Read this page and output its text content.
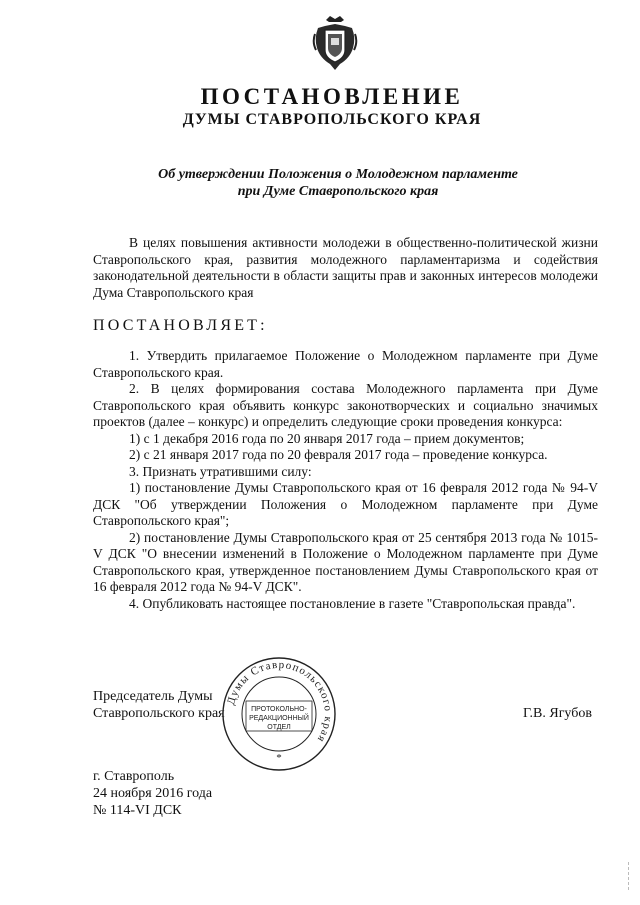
ПОСТАНОВЛЕНИЕ
ДУМЫ СТАВРОПОЛЬСКОГО КРАЯ
Об утверждении Положения о Молодежном парламенте
при Думе Ставропольского края

В целях повышения активности молодежи в общественно-политической жизни Ставропольского края, развития молодежного парламентаризма и содействия законодательной деятельности в области защиты прав и законных интересов молодежи Дума Ставропольского края

ПОСТАНОВЛЯЕТ:

1. Утвердить прилагаемое Положение о Молодежном парламенте при Думе Ставропольского края.

2. В целях формирования состава Молодежного парламента при Думе Ставропольского края объявить конкурс законотворческих и социально значимых проектов (далее – конкурс) и определить следующие сроки проведения конкурса:

1) с 1 декабря 2016 года по 20 января 2017 года – прием документов;

2) с 21 января 2017 года по 20 февраля 2017 года – проведение конкурса.

3. Признать утратившими силу:

1) постановление Думы Ставропольского края от 16 февраля 2012 года № 94-V ДСК "Об утверждении Положения о Молодежном парламенте при Думе Ставропольского края";

2) постановление Думы Ставропольского края от 25 сентября 2013 года № 1015-V ДСК "О внесении изменений в Положение о Молодежном парламенте при Думе Ставропольского края, утвержденное постановлением Думы Ставропольского края от 16 февраля 2012 года № 94-V ДСК".

4. Опубликовать настоящее постановление в газете "Ставропольская правда".

Председатель Думы
Ставропольского края	Г.В. Ягубов
Думы Ставропольского края
ПРОТОКОЛЬНО-
РЕДАКЦИОННЫЙ
ОТДЕЛ
*
г. Ставрополь
24 ноября 2016 года
№ 114-VI ДСК
